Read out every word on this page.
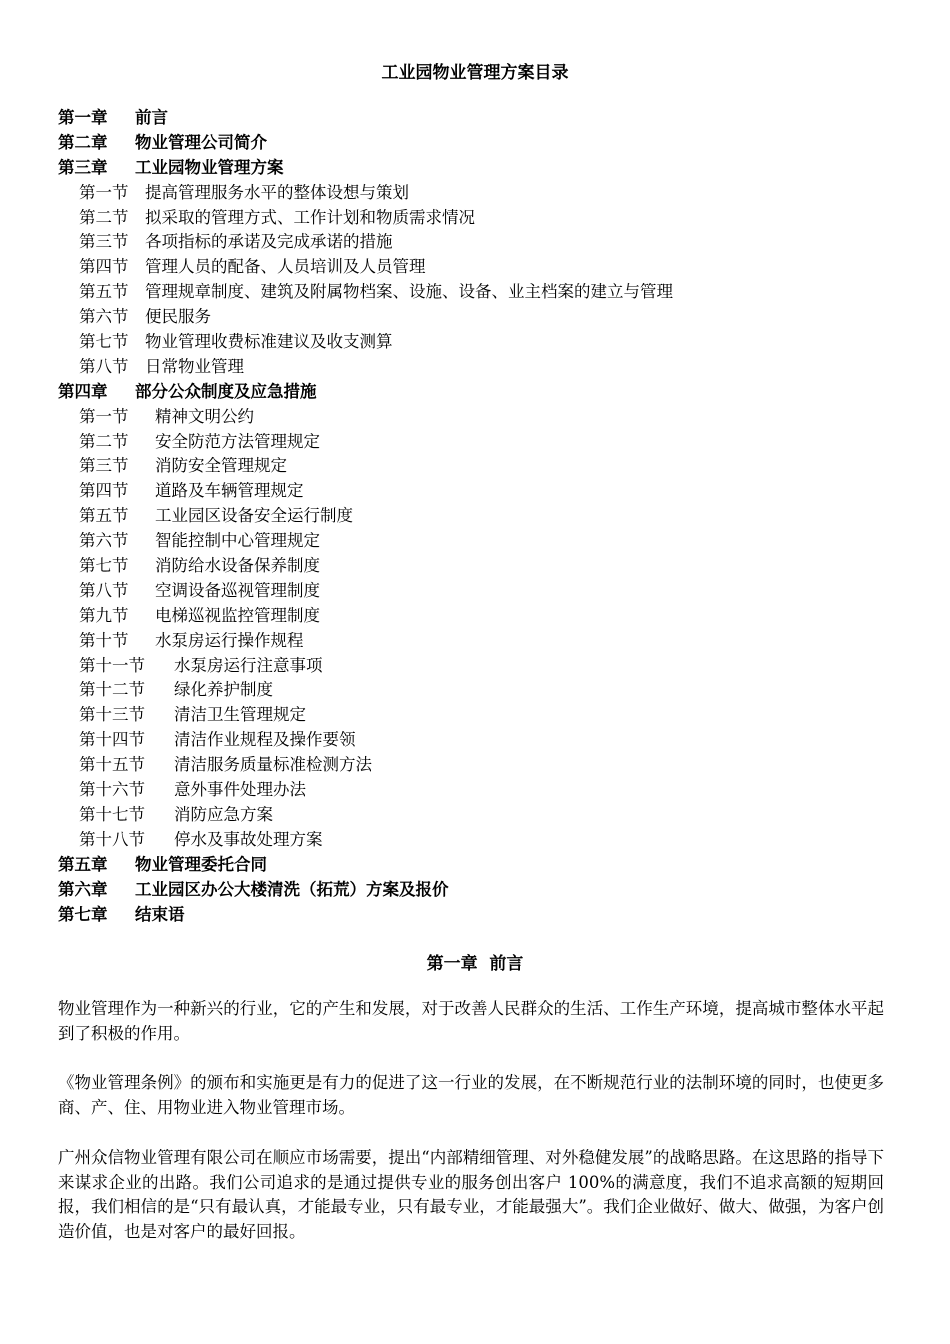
工业园物业管理方案目录
第一章 前言
第二章 物业管理公司简介
第三章 工业园物业管理方案
第一节 提高管理服务水平的整体设想与策划
第二节 拟采取的管理方式、工作计划和物质需求情况
第三节 各项指标的承诺及完成承诺的措施
第四节 管理人员的配备、人员培训及人员管理
第五节 管理规章制度、建筑及附属物档案、设施、设备、业主档案的建立与管理
第六节 便民服务
第七节 物业管理收费标准建议及收支测算
第八节 日常物业管理
第四章 部分公众制度及应急措施
第一节 精神文明公约
第二节 安全防范方法管理规定
第三节 消防安全管理规定
第四节 道路及车辆管理规定
第五节 工业园区设备安全运行制度
第六节 智能控制中心管理规定
第七节 消防给水设备保养制度
第八节 空调设备巡视管理制度
第九节 电梯巡视监控管理制度
第十节 水泵房运行操作规程
第十一节 水泵房运行注意事项
第十二节 绿化养护制度
第十三节 清洁卫生管理规定
第十四节 清洁作业规程及操作要领
第十五节 清洁服务质量标准检测方法
第十六节 意外事件处理办法
第十七节 消防应急方案
第十八节 停水及事故处理方案
第五章 物业管理委托合同
第六章 工业园区办公大楼清洗（拓荒）方案及报价
第七章 结束语
第一章  前言

物业管理作为一种新兴的行业，它的产生和发展，对于改善人民群众的生活、工作生产环境，提高城市整体水平起到了积极的作用。

《物业管理条例》的颁布和实施更是有力的促进了这一行业的发展，在不断规范行业的法制环境的同时，也使更多商、产、住、用物业进入物业管理市场。

广州众信物业管理有限公司在顺应市场需要，提出“内部精细管理、对外稳健发展”的战略思路。在这思路的指导下来谋求企业的出路。我们公司追求的是通过提供专业的服务创出客户 100%的满意度，我们不追求高额的短期回报，我们相信的是“只有最认真，才能最专业，只有最专业，才能最强大”。我们企业做好、做大、做强，为客户创造价值，也是对客户的最好回报。
